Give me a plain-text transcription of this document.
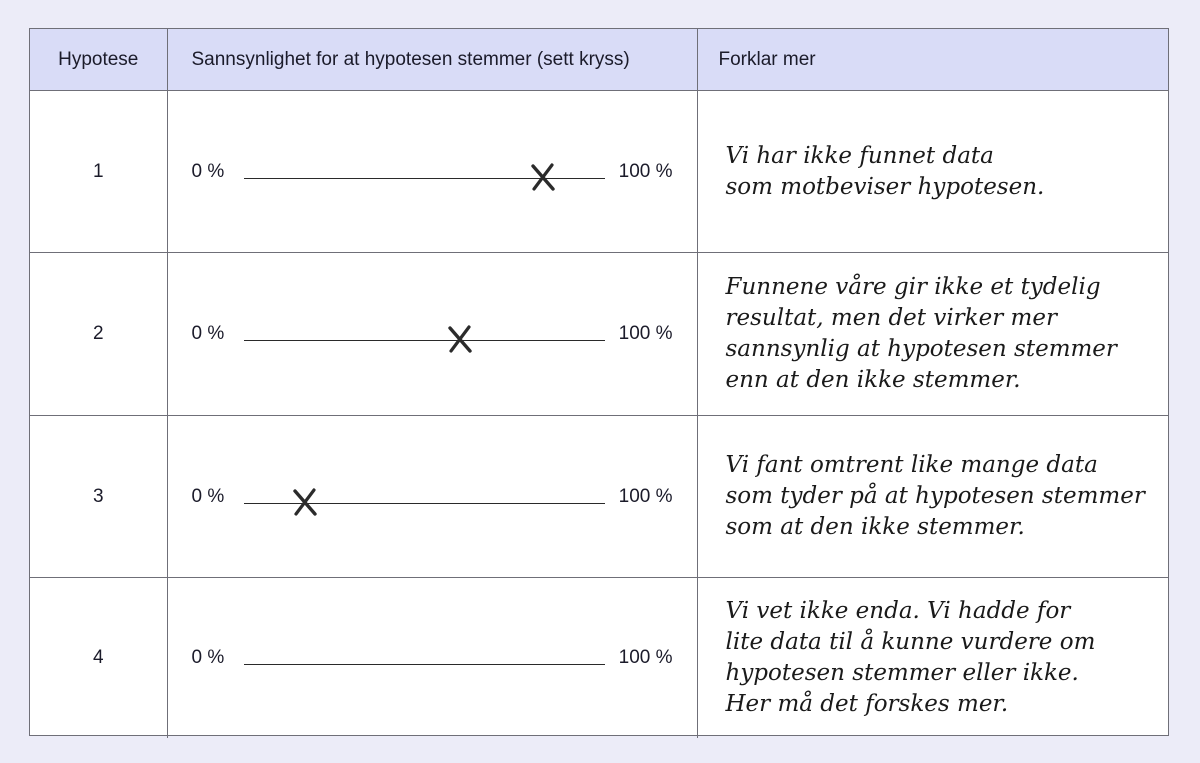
Hypotese	Sannsynlighet for at hypotesen stemmer (sett kryss)	Forklar mer
1	0 % 100 %	Vi har ikke funnet data
som motbeviser hypotesen.

2	0 % 100 %	Funnene våre gir ikke et tydelig
resultat, men det virker mer
sannsynlig at hypotesen stemmer
enn at den ikke stemmer.

3	0 % 100 %	Vi fant omtrent like mange data
som tyder på at hypotesen stemmer
som at den ikke stemmer.

4	0 % 100 %	Vi vet ikke enda. Vi hadde for
lite data til å kunne vurdere om
hypotesen stemmer eller ikke.
Her må det forskes mer.
